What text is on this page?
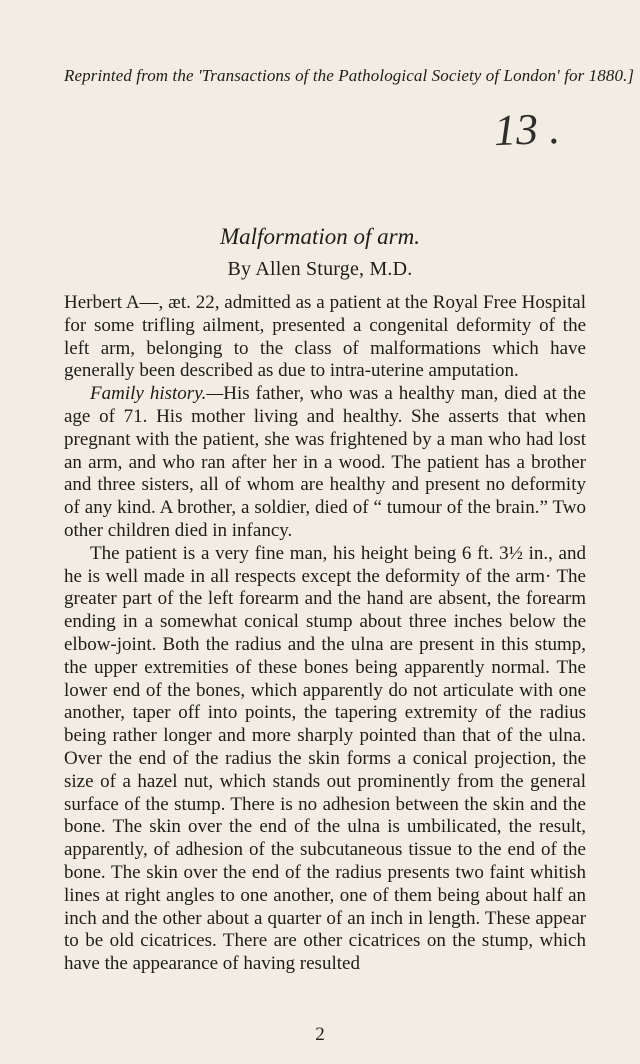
Reprinted from the 'Transactions of the Pathological Society of London' for 1880.]
13 .
Malformation of arm.
By Allen Sturge, M.D.

Herbert A—, æt. 22, admitted as a patient at the Royal Free Hospital for some trifling ailment, presented a congenital deformity of the left arm, belonging to the class of malformations which have generally been described as due to intra-uterine amputation.

Family history.—His father, who was a healthy man, died at the age of 71. His mother living and healthy. She asserts that when pregnant with the patient, she was frightened by a man who had lost an arm, and who ran after her in a wood. The patient has a brother and three sisters, all of whom are healthy and present no deformity of any kind. A brother, a soldier, died of “ tumour of the brain.” Two other children died in infancy.

The patient is a very fine man, his height being 6 ft. 3½ in., and he is well made in all respects except the deformity of the arm· The greater part of the left forearm and the hand are absent, the forearm ending in a somewhat conical stump about three inches below the elbow-joint. Both the radius and the ulna are present in this stump, the upper extremities of these bones being apparently normal. The lower end of the bones, which apparently do not articulate with one another, taper off into points, the tapering extremity of the radius being rather longer and more sharply pointed than that of the ulna. Over the end of the radius the skin forms a conical projection, the size of a hazel nut, which stands out prominently from the general surface of the stump. There is no adhesion between the skin and the bone. The skin over the end of the ulna is umbilicated, the result, apparently, of adhesion of the subcutaneous tissue to the end of the bone. The skin over the end of the radius presents two faint whitish lines at right angles to one another, one of them being about half an inch and the other about a quarter of an inch in length. These appear to be old cicatrices. There are other cicatrices on the stump, which have the appearance of having resulted

2
